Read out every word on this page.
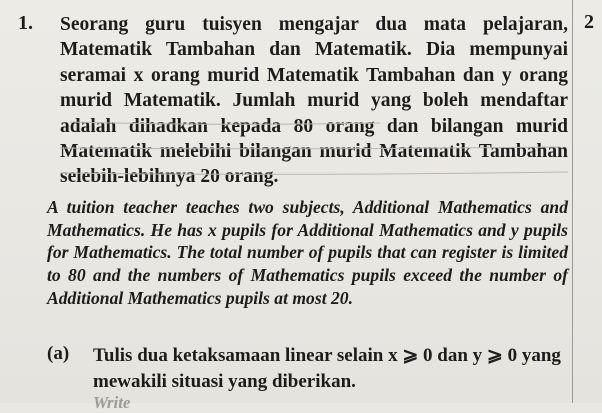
1.	2
Seorang guru tuisyen mengajar dua mata pelajaran, Matematik Tambahan dan Matematik. Dia mempunyai seramai x orang murid Matematik Tambahan dan y orang murid Matematik. Jumlah murid yang boleh mendaftar adalah dihadkan kepada 80 orang dan bilangan murid Matematik melebihi bilangan murid Matematik Tambahan selebih-lebihnya 20 orang.
A tuition teacher teaches two subjects, Additional Mathematics and Mathematics. He has x pupils for Additional Mathematics and y pupils for Mathematics. The total number of pupils that can register is limited to 80 and the numbers of Mathematics pupils exceed the number of Additional Mathematics pupils at most 20.
(a) Tulis dua ketaksamaan linear selain x ⩾ 0 dan y ⩾ 0 yang mewakili situasi yang diberikan.
Write
